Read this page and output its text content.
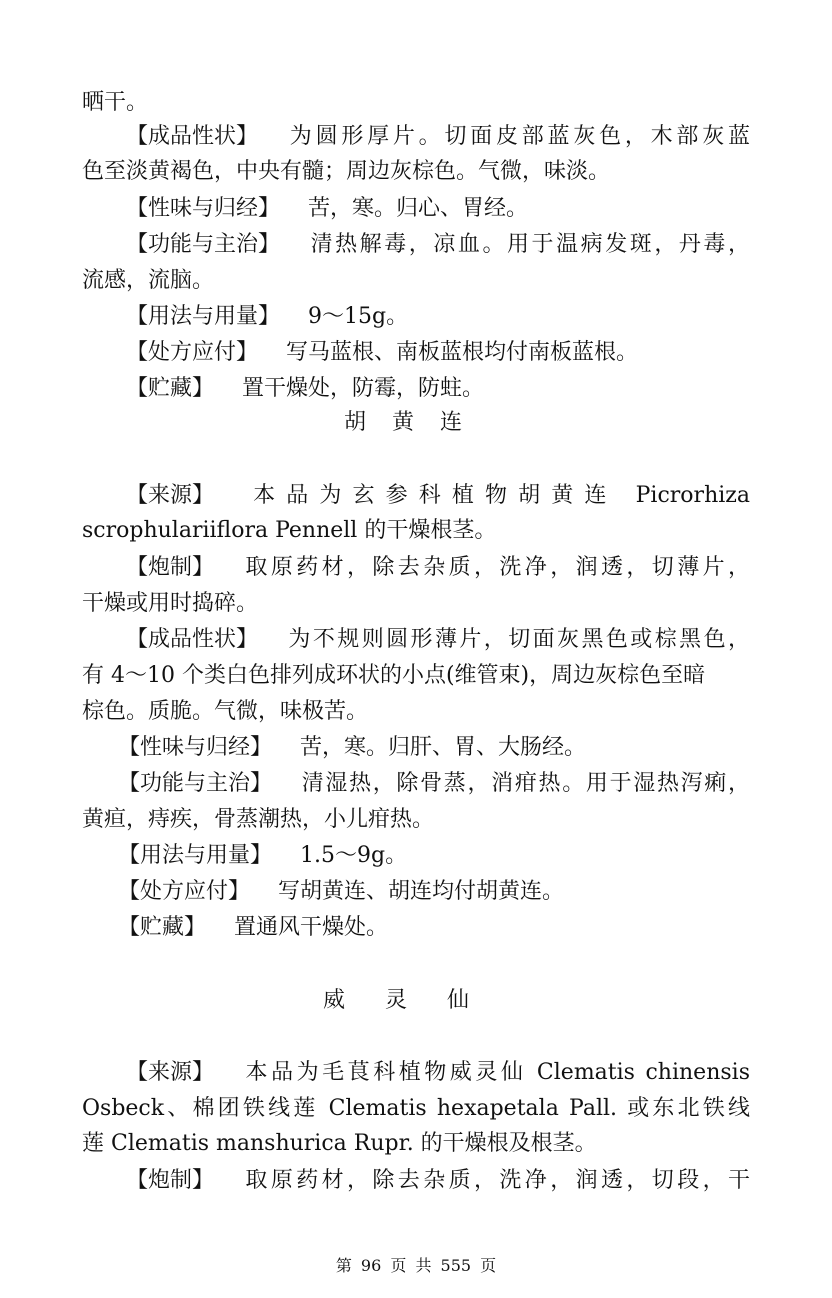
晒干。
【成品性状】 为圆形厚片。切面皮部蓝灰色，木部灰蓝
色至淡黄褐色，中央有髓；周边灰棕色。气微，味淡。
【性味与归经】 苦，寒。归心、胃经。
【功能与主治】 清热解毒，凉血。用于温病发斑，丹毒，
流感，流脑。
【用法与用量】 9～15g。
【处方应付】 写马蓝根、南板蓝根均付南板蓝根。
【贮藏】 置干燥处，防霉，防蛀。
胡黄连
【来源】 本品为玄参科植物胡黄连 Picrorhiza
scrophulariiflora Pennell 的干燥根茎。
【炮制】 取原药材，除去杂质，洗净，润透，切薄片，
干燥或用时捣碎。
【成品性状】 为不规则圆形薄片，切面灰黑色或棕黑色，
有 4～10 个类白色排列成环状的小点(维管束)，周边灰棕色至暗
棕色。质脆。气微，味极苦。
【性味与归经】 苦，寒。归肝、胃、大肠经。
【功能与主治】 清湿热，除骨蒸，消疳热。用于湿热泻痢，
黄疸，痔疾，骨蒸潮热，小儿疳热。
【用法与用量】 1.5～9g。
【处方应付】 写胡黄连、胡连均付胡黄连。
【贮藏】 置通风干燥处。
威灵仙
【来源】 本品为毛茛科植物威灵仙 Clematis chinensis
Osbeck、棉团铁线莲 Clematis hexapetala Pall. 或东北铁线
莲 Clematis manshurica Rupr. 的干燥根及根茎。
【炮制】 取原药材，除去杂质，洗净，润透，切段，干
第 96 页 共 555 页
